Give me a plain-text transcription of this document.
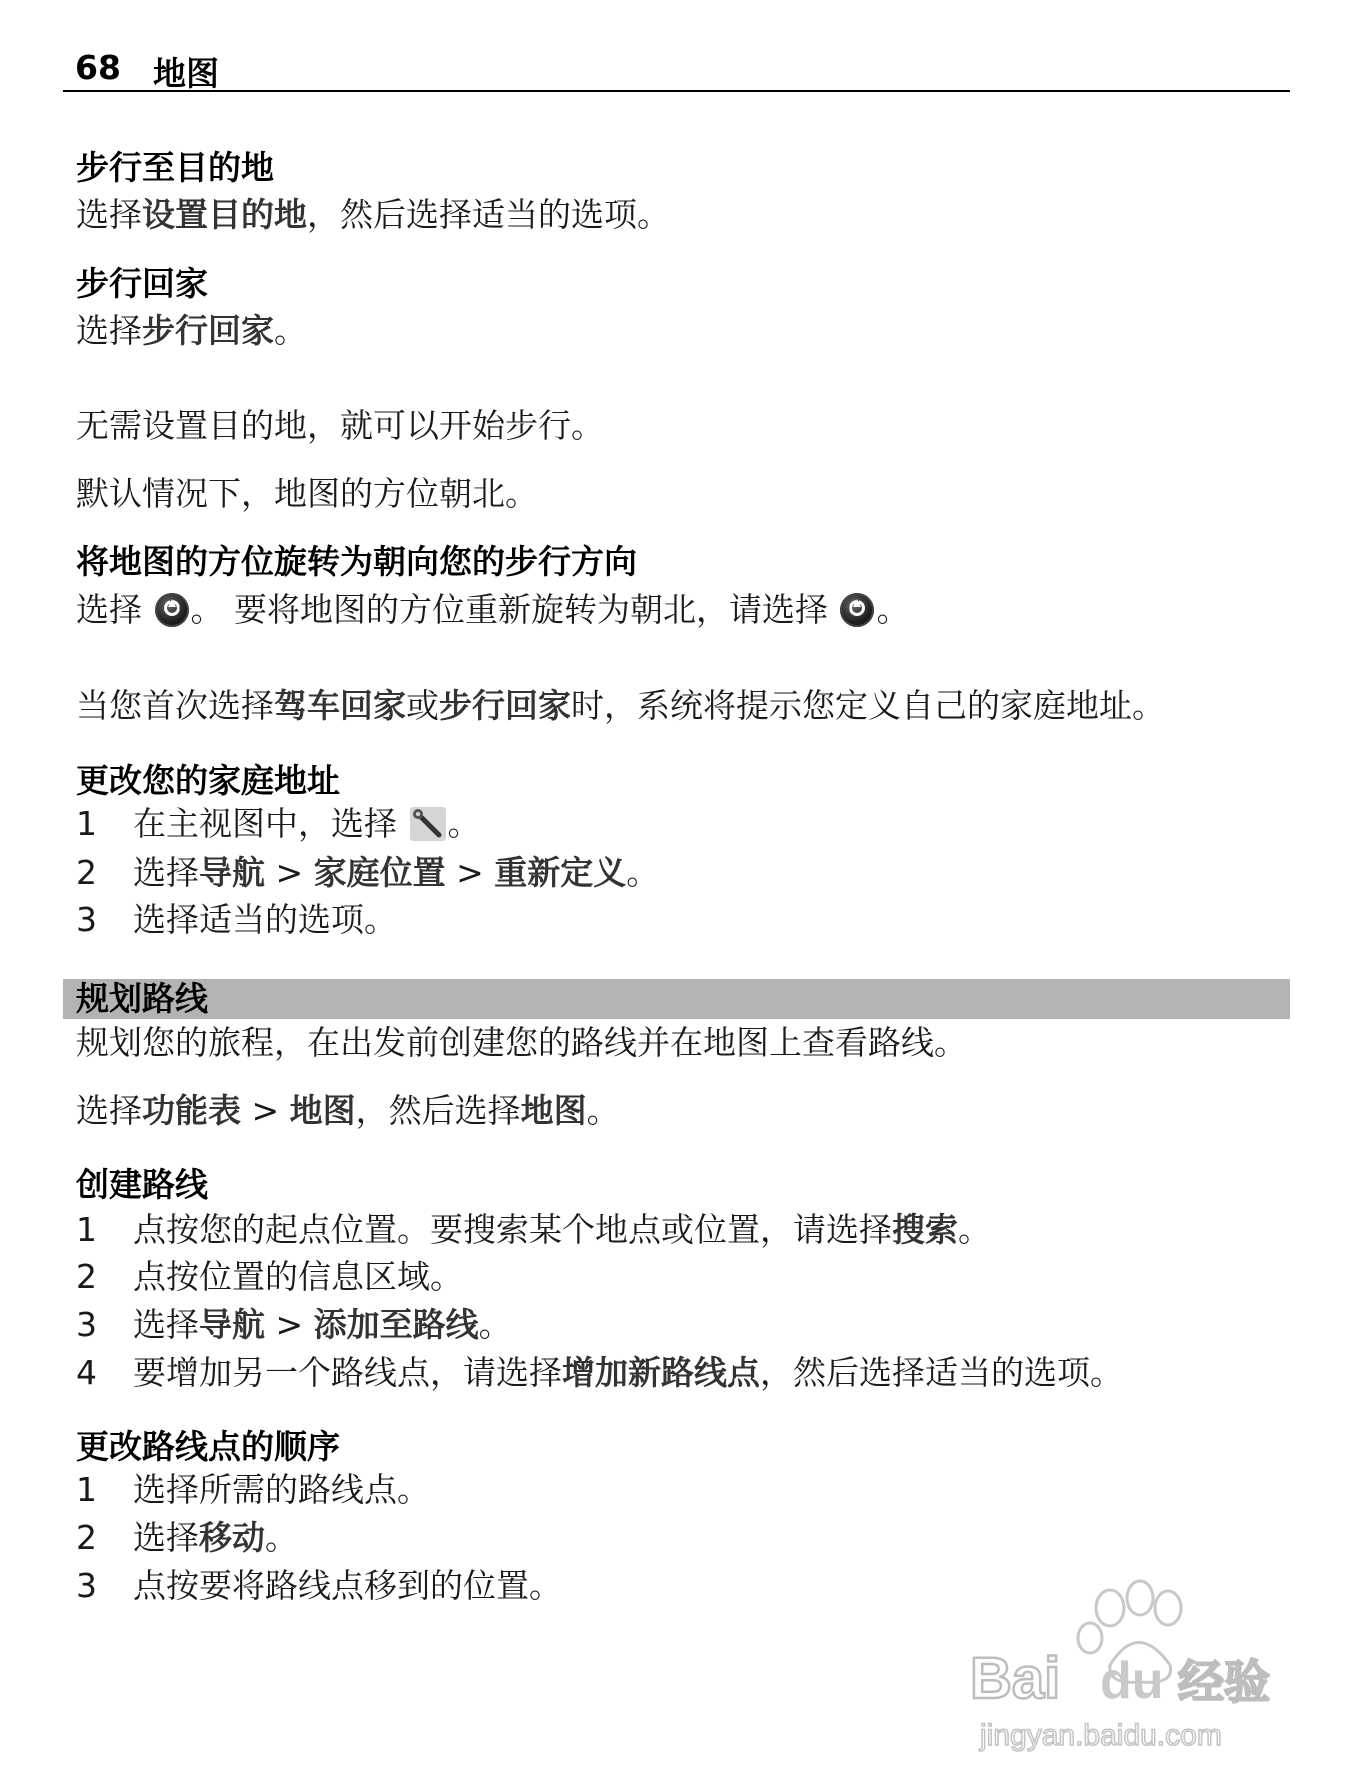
68 地图
步行至目的地
选择设置目的地，然后选择适当的选项。
步行回家
选择步行回家。
无需设置目的地，就可以开始步行。
默认情况下，地图的方位朝北。
将地图的方位旋转为朝向您的步行方向
选择 。 要将地图的方位重新旋转为朝北，请选择 。
当您首次选择驾车回家或步行回家时，系统将提示您定义自己的家庭地址。
更改您的家庭地址
1 在主视图中，选择 。
2 选择导航 > 家庭位置 > 重新定义。
3 选择适当的选项。
规划路线
规划您的旅程，在出发前创建您的路线并在地图上查看路线。
选择功能表 > 地图，然后选择地图。
创建路线
1 点按您的起点位置。要搜索某个地点或位置，请选择搜索。
2 点按位置的信息区域。
3 选择导航 > 添加至路线。
4 要增加另一个路线点，请选择增加新路线点，然后选择适当的选项。
更改路线点的顺序
1 选择所需的路线点。
2 选择移动。
3 点按要将路线点移到的位置。
Bai du 经验
jingyan.baidu.com
